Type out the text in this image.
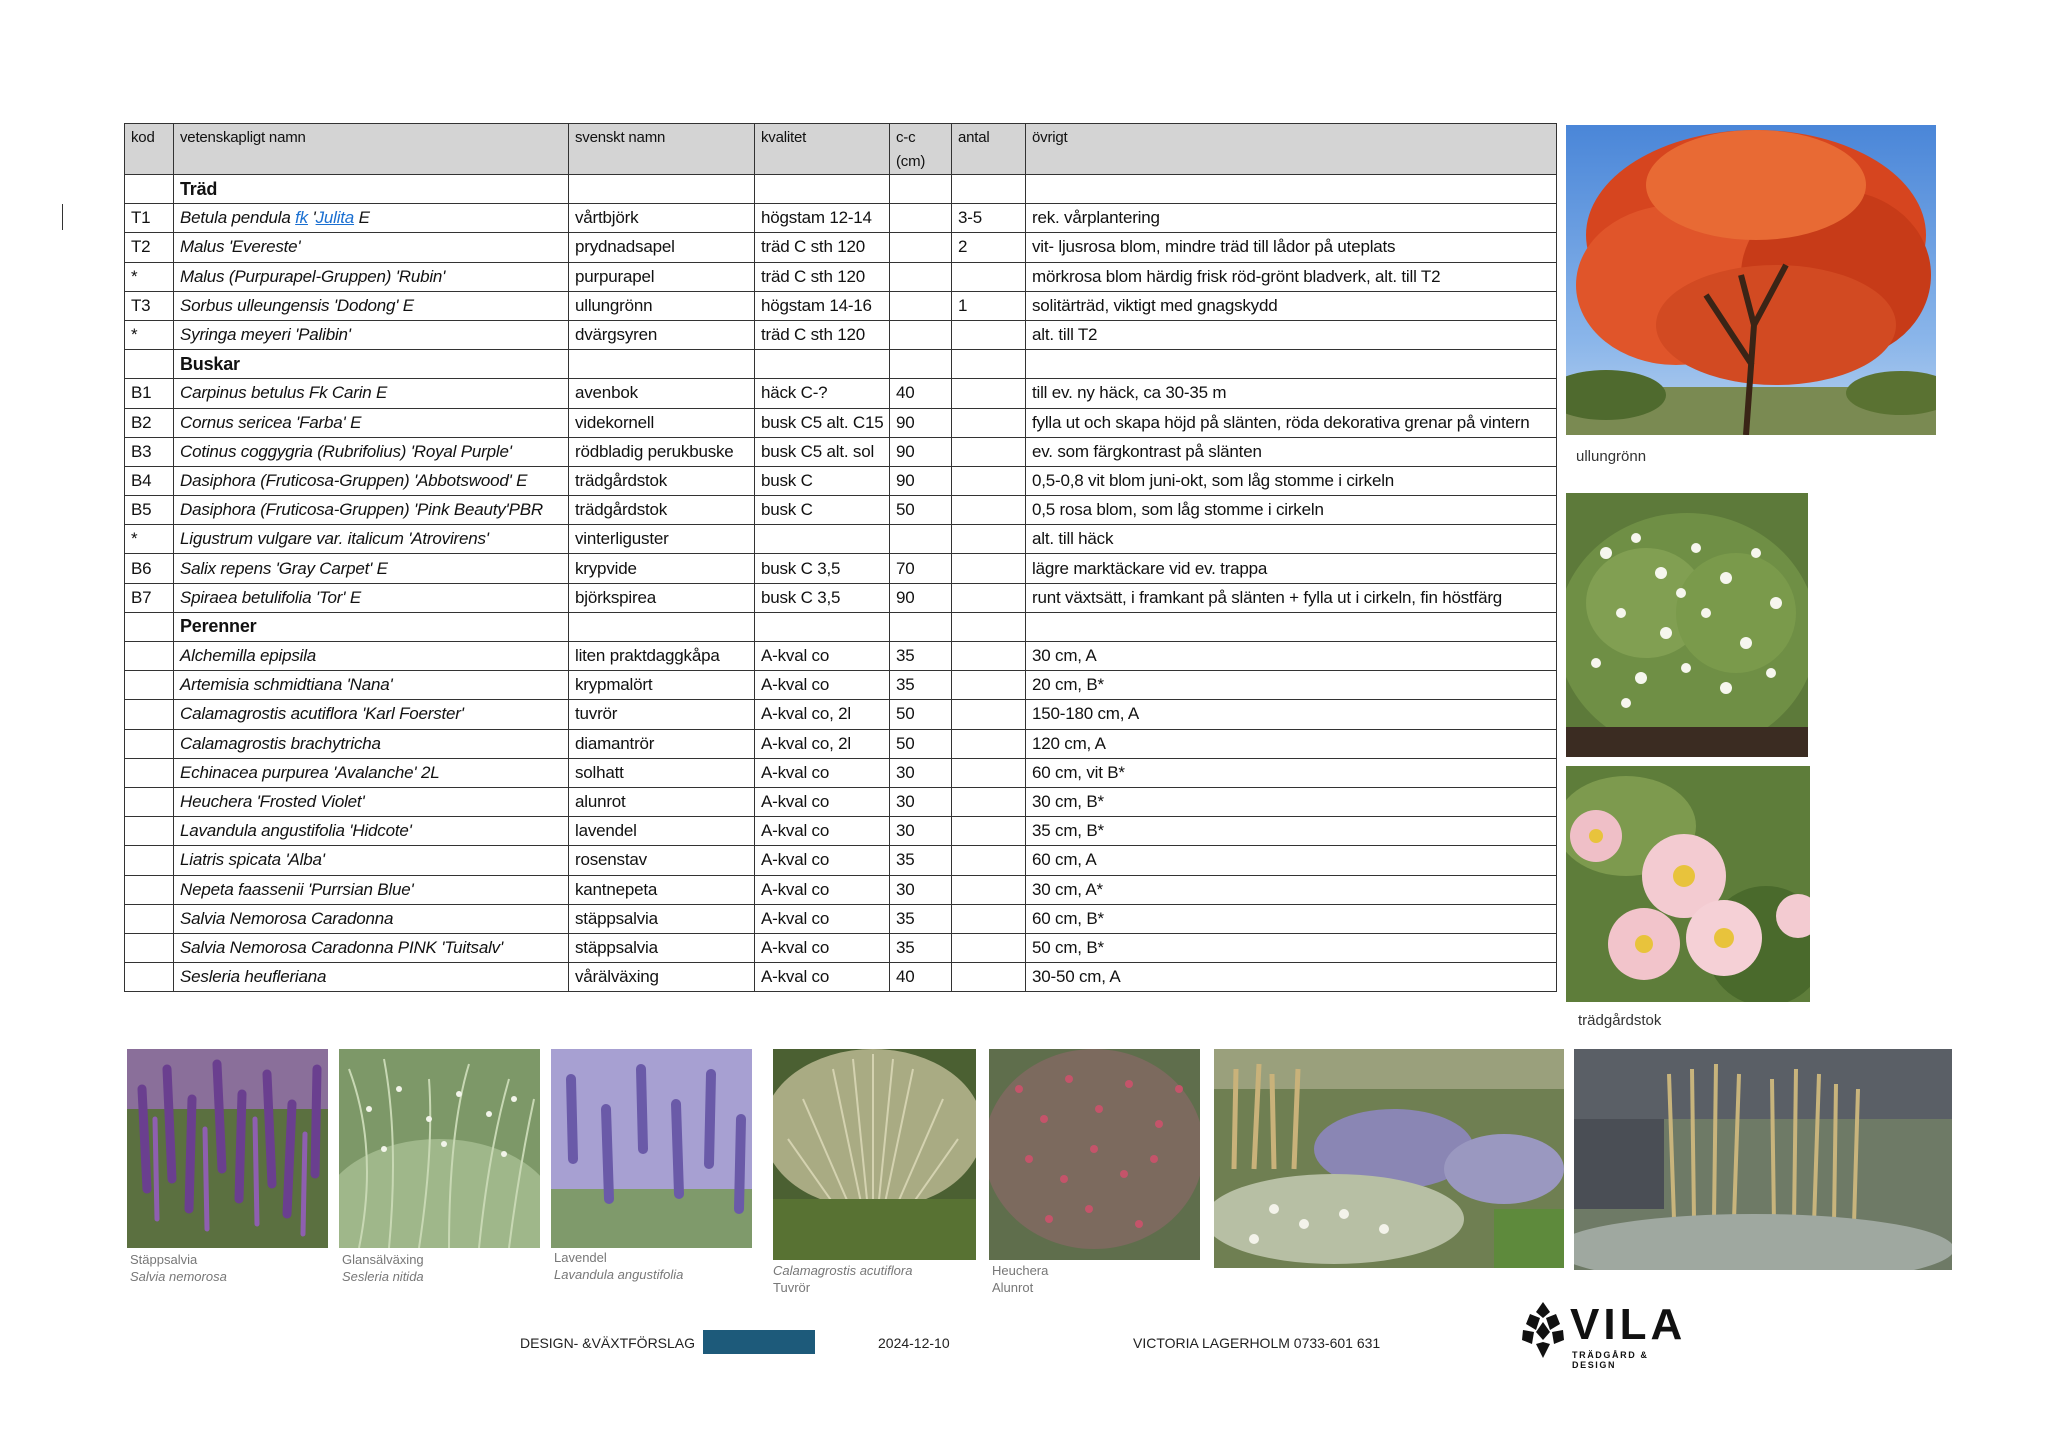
kod	vetenskapligt namn	svenskt namn	kvalitet	c-c (cm)	antal	övrigt
	Träd					
T1	Betula pendula fk 'Julita E	vårtbjörk	högstam 12-14		3-5	rek. vårplantering
T2	Malus 'Evereste'	prydnadsapel	träd C sth 120		2	vit- ljusrosa blom, mindre träd till lådor på uteplats
*	Malus (Purpurapel-Gruppen) 'Rubin'	purpurapel	träd C sth 120			mörkrosa blom härdig frisk röd-grönt bladverk, alt. till T2
T3	Sorbus ulleungensis 'Dodong' E	ullungrönn	högstam 14-16		1	solitärträd, viktigt med gnagskydd
*	Syringa meyeri 'Palibin'	dvärgsyren	träd C sth 120			alt. till T2
	Buskar					
B1	Carpinus betulus Fk Carin E	avenbok	häck C-?	40		till ev. ny häck, ca 30-35 m
B2	Cornus sericea 'Farba' E	videkornell	busk C5 alt. C15	90		fylla ut och skapa höjd på slänten, röda dekorativa grenar på vintern
B3	Cotinus coggygria (Rubrifolius) 'Royal Purple'	rödbladig perukbuske	busk C5 alt. sol	90		ev. som färgkontrast på slänten
B4	Dasiphora (Fruticosa-Gruppen) 'Abbotswood' E	trädgårdstok	busk C	90		0,5-0,8 vit blom juni-okt, som låg stomme i cirkeln
B5	Dasiphora (Fruticosa-Gruppen) 'Pink Beauty'PBR	trädgårdstok	busk C	50		0,5 rosa blom, som låg stomme i cirkeln
*	Ligustrum vulgare var. italicum 'Atrovirens'	vinterliguster				alt. till häck
B6	Salix repens 'Gray Carpet' E	krypvide	busk C 3,5	70		lägre marktäckare vid ev. trappa
B7	Spiraea betulifolia 'Tor' E	björkspirea	busk C 3,5	90		runt växtsätt, i framkant på slänten + fylla ut i cirkeln, fin höstfärg
	Perenner					
	Alchemilla epipsila	liten praktdaggkåpa	A-kval co	35		30 cm, A
	Artemisia schmidtiana 'Nana'	krypmalört	A-kval co	35		20 cm, B*
	Calamagrostis acutiflora 'Karl Foerster'	tuvrör	A-kval co, 2l	50		150-180 cm, A
	Calamagrostis brachytricha	diamantrör	A-kval co, 2l	50		120 cm, A
	Echinacea purpurea 'Avalanche' 2L	solhatt	A-kval co	30		60 cm, vit B*
	Heuchera 'Frosted Violet'	alunrot	A-kval co	30		30 cm, B*
	Lavandula angustifolia 'Hidcote'	lavendel	A-kval co	30		35 cm, B*
	Liatris spicata 'Alba'	rosenstav	A-kval co	35		60 cm, A
	Nepeta faassenii 'Purrsian Blue'	kantnepeta	A-kval co	30		30 cm, A*
	Salvia Nemorosa Caradonna	stäppsalvia	A-kval co	35		60 cm, B*
	Salvia Nemorosa Caradonna PINK 'Tuitsalv'	stäppsalvia	A-kval co	35		50 cm, B*
	Sesleria heufleriana	vårälväxing	A-kval co	40		30-50 cm, A
ullungrönn
trädgårdstok
Stäppsalvia
Salvia nemorosa
Glansälväxing
Sesleria nitida
Lavendel
Lavandula angustifolia	Calamagrostis acutiflora
Tuvrör
Heuchera
Alunrot
DESIGN- &VÄXTFÖRSLAG	2024-12-10	VICTORIA LAGERHOLM 0733-601 631	VILA
TRÄDGÅRD & DESIGN
